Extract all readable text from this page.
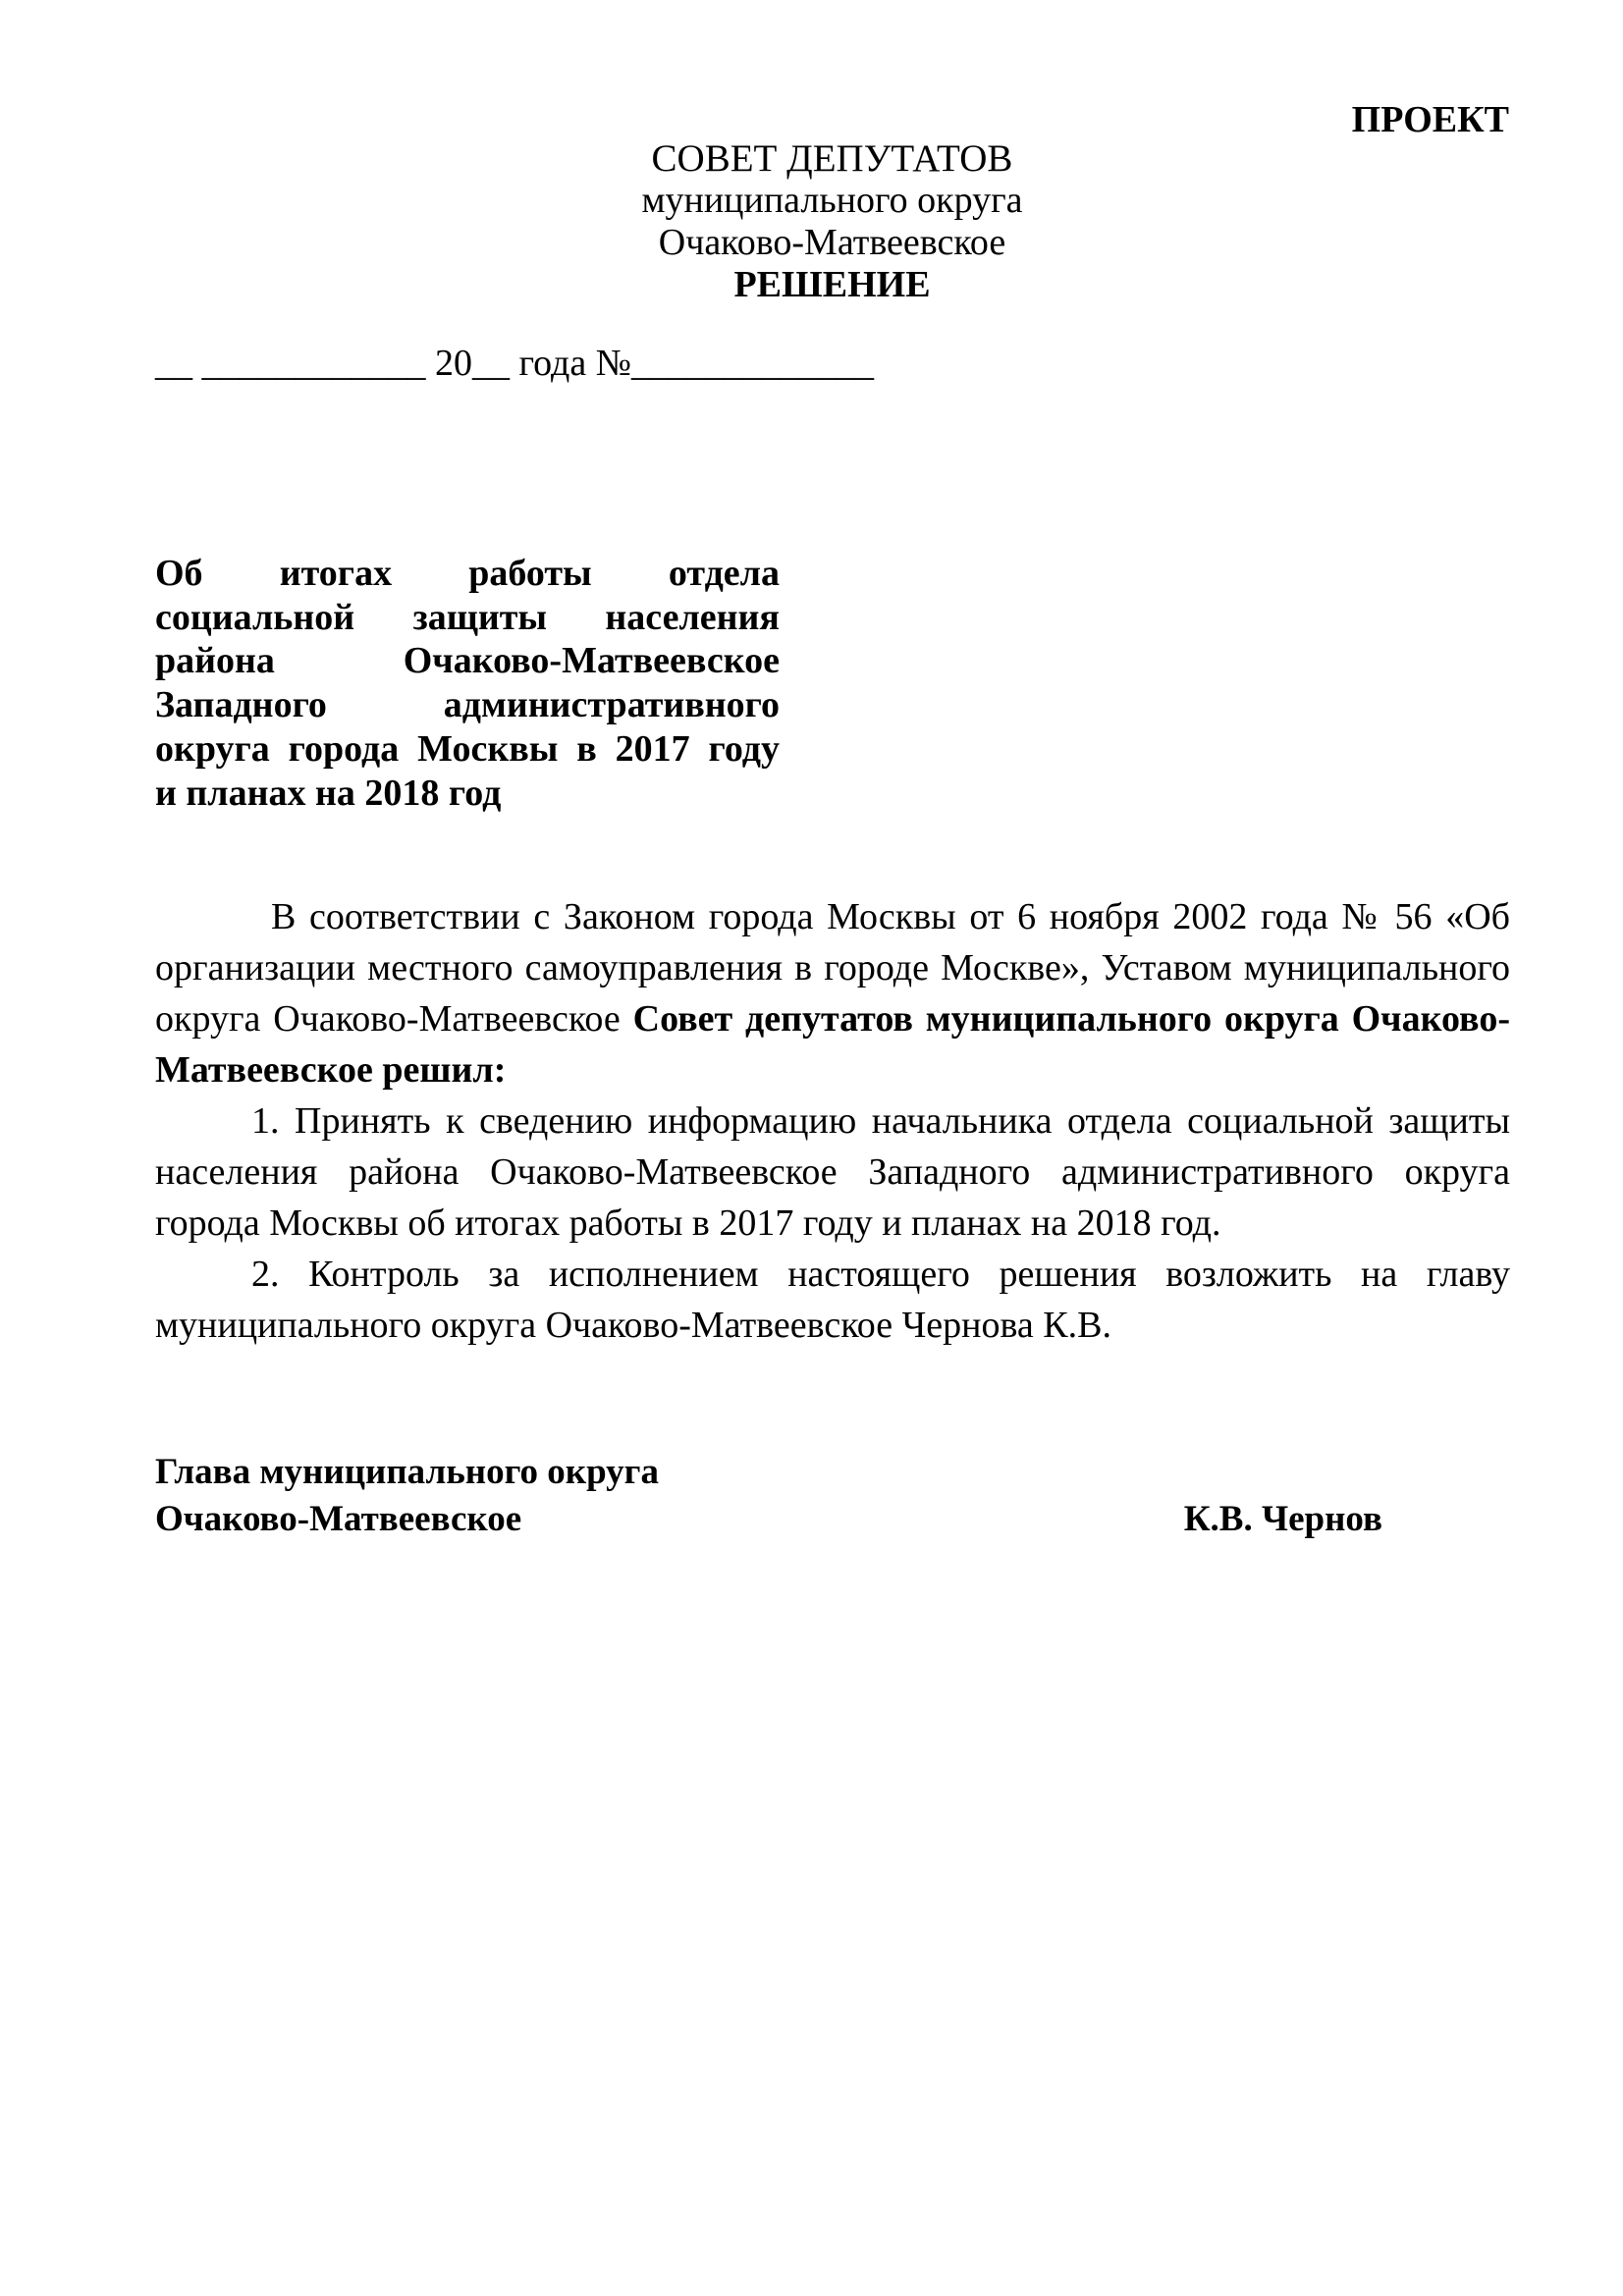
ПРОЕКТ
СОВЕТ ДЕПУТАТОВ
муниципального округа
Очаково-Матвеевское
РЕШЕНИЕ
__ ____________ 20__ года №_____________
Об итогах работы отдела
социальной защиты населения
района Очаково-Матвеевское
Западного административного
округа города Москвы в 2017 году
и планах на 2018 год

В соответствии с Законом города Москвы от 6 ноября 2002 года № 56 «Об организации местного самоуправления в городе Москве», Уставом муниципального округа Очаково-Матвеевское Совет депутатов муниципального округа Очаково-Матвеевское решил:

1. Принять к сведению информацию начальника отдела социальной защиты населения района Очаково-Матвеевское Западного административного округа города Москвы об итогах работы в 2017 году и планах на 2018 год.

2. Контроль за исполнением настоящего решения возложить на главу муниципального округа Очаково-Матвеевское Чернова К.В.

Глава муниципального округа
Очаково-Матвеевское	К.В. Чернов
